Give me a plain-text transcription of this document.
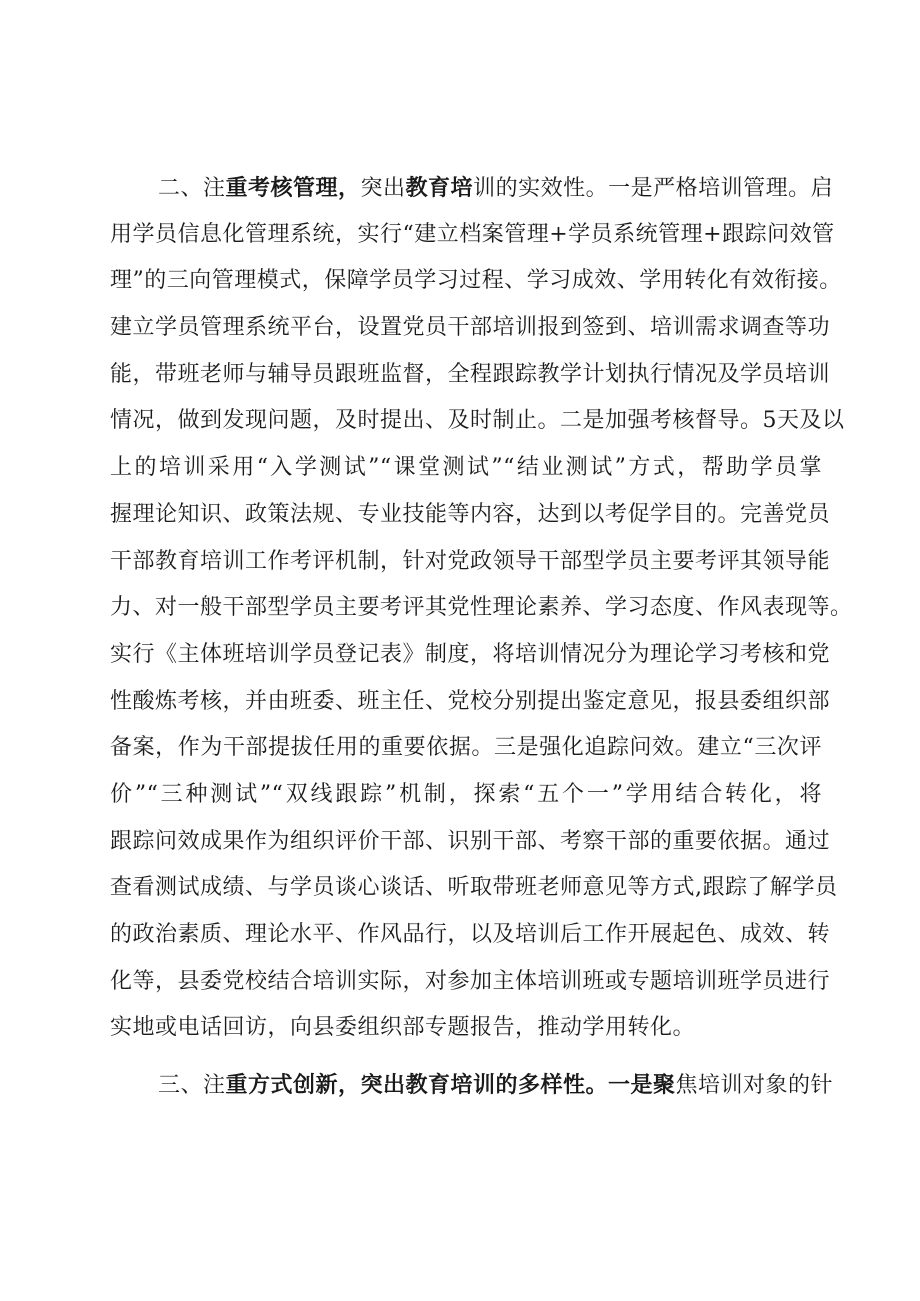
二、注重考核管理，突出教育培训的实效性。一是严格培训管理。启
用学员信息化管理系统，实行“建立档案管理+学员系统管理+跟踪问效管
理”的三向管理模式，保障学员学习过程、学习成效、学用转化有效衔接。
建立学员管理系统平台，设置党员干部培训报到签到、培训需求调查等功
能，带班老师与辅导员跟班监督，全程跟踪教学计划执行情况及学员培训
情况，做到发现问题，及时提出、及时制止。二是加强考核督导。5天及以
上的培训采用“入学测试”“课堂测试”“结业测试”方式，帮助学员掌
握理论知识、政策法规、专业技能等内容，达到以考促学目的。完善党员
干部教育培训工作考评机制，针对党政领导干部型学员主要考评其领导能
力、对一般干部型学员主要考评其党性理论素养、学习态度、作风表现等。
实行《主体班培训学员登记表》制度，将培训情况分为理论学习考核和党
性酸炼考核，并由班委、班主任、党校分别提出鉴定意见，报县委组织部
备案，作为干部提拔任用的重要依据。三是强化追踪问效。建立“三次评
价”“三种测试”“双线跟踪”机制，探索“五个一”学用结合转化，将
跟踪问效成果作为组织评价干部、识别干部、考察干部的重要依据。通过
查看测试成绩、与学员谈心谈话、听取带班老师意见等方式,跟踪了解学员
的政治素质、理论水平、作风品行，以及培训后工作开展起色、成效、转
化等，县委党校结合培训实际，对参加主体培训班或专题培训班学员进行
实地或电话回访，向县委组织部专题报告，推动学用转化。
三、注重方式创新，突出教育培训的多样性。一是聚焦培训对象的针
